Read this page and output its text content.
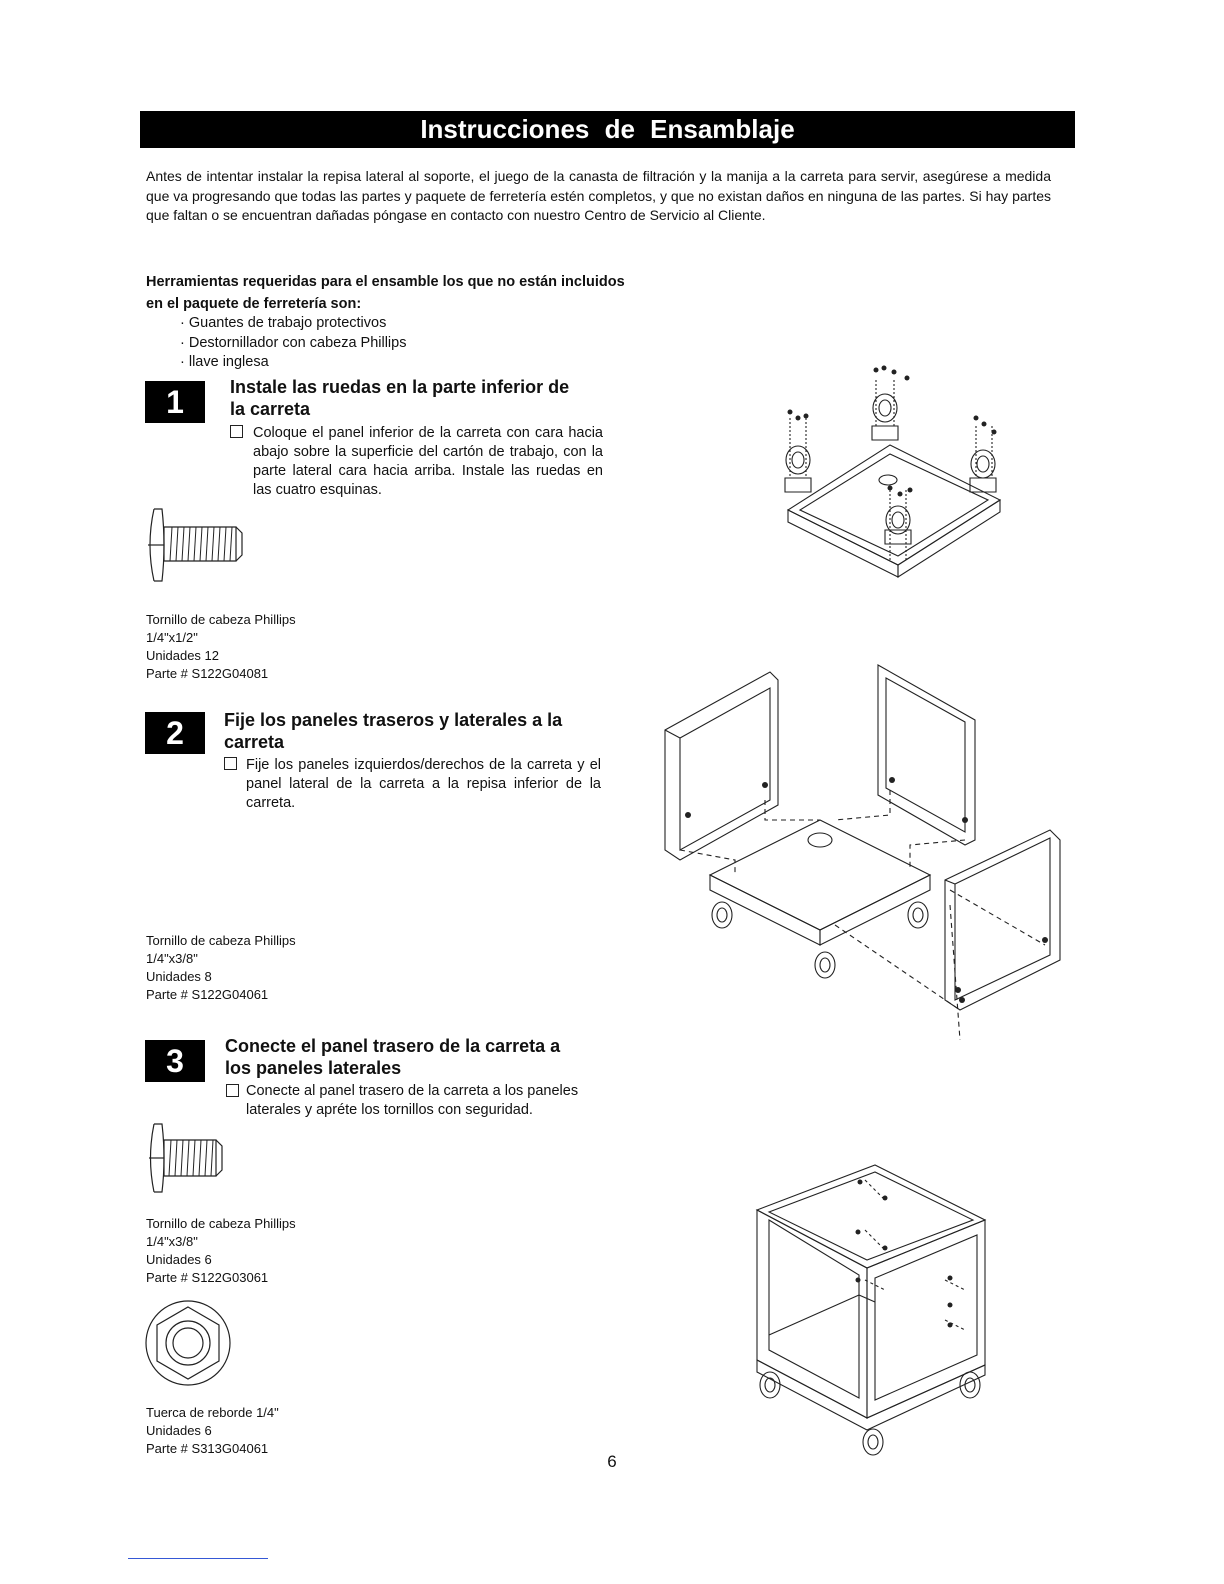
Instrucciones de Ensamblaje
Antes de intentar instalar la repisa lateral al soporte, el juego de la canasta de filtración y la manija a la carreta para servir, asegúrese a medida que va progresando que todas las partes y paquete de ferretería estén completos, y que no existan daños en ninguna de las partes. Si hay partes que faltan o se encuentran dañadas póngase en contacto con nuestro Centro de Servicio al Cliente.
Herramientas requeridas para el ensamble los que no están incluidos
en el paquete de ferretería son:
· Guantes de trabajo protectivos
· Destornillador con cabeza Phillips
· llave inglesa
1	Instale las ruedas en la parte inferior de
la carreta
Coloque el panel inferior de la carreta con cara hacia abajo sobre la superficie del cartón de trabajo, con la parte lateral cara hacia arriba. Instale las ruedas en las cuatro esquinas.
Tornillo de cabeza Phillips
1/4"x1/2"
Unidades 12
Parte # S122G04081
2	Fije los paneles traseros y laterales a la
carreta
Fije los paneles izquierdos/derechos de la carreta y el panel lateral de la carreta a la repisa inferior de la carreta.
Tornillo de cabeza Phillips
1/4"x3/8"
Unidades 8
Parte # S122G04061
3	Conecte el panel trasero de la carreta a
los paneles laterales
Conecte al panel trasero de la carreta a los paneles
laterales y apréte los tornillos con seguridad.
Tornillo de cabeza Phillips
1/4"x3/8"
Unidades 6
Parte # S122G03061
Tuerca de reborde 1/4"
Unidades 6
Parte # S313G04061
6
